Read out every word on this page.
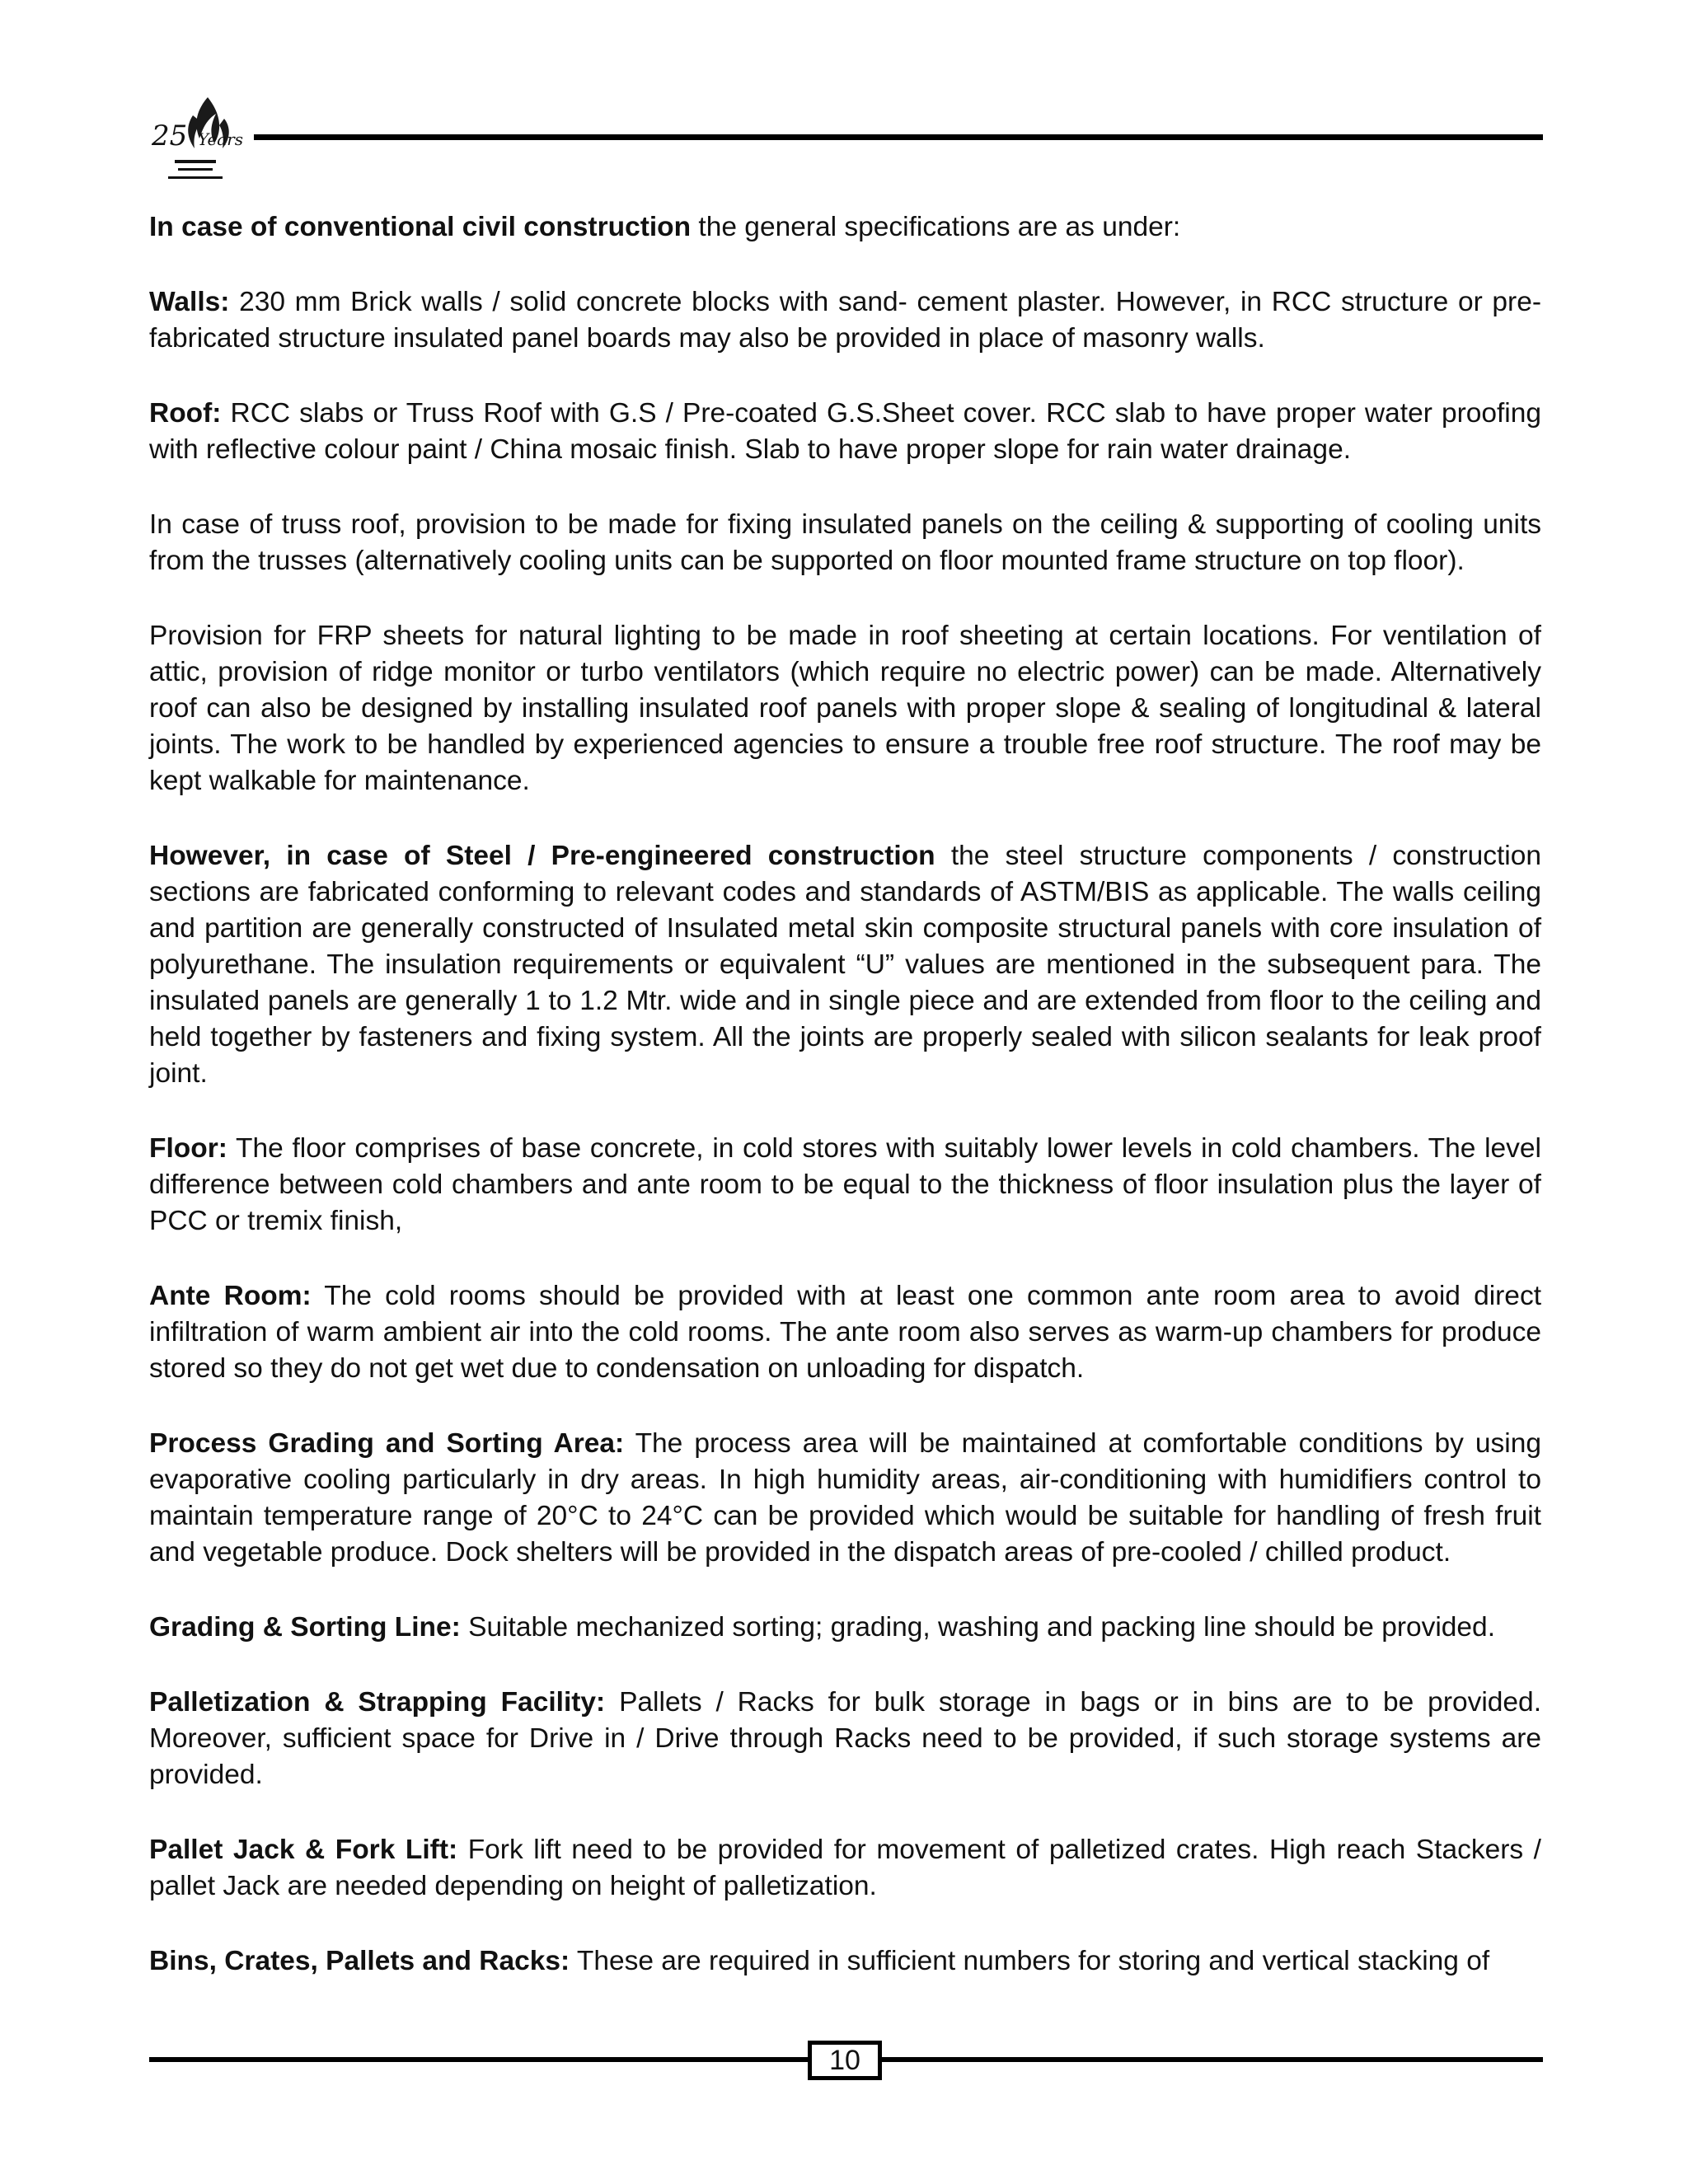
25 Years

In case of conventional civil construction the general specifications are as under:

Walls: 230 mm Brick walls / solid concrete blocks with sand- cement plaster. However, in RCC structure or pre-fabricated structure insulated panel boards may also be provided in place of masonry walls.

Roof: RCC slabs or Truss Roof with G.S / Pre-coated G.S.Sheet cover. RCC slab to have proper water proofing with reflective colour paint / China mosaic finish. Slab to have proper slope for rain water drainage.

In case of truss roof, provision to be made for fixing insulated panels on the ceiling & supporting of cooling units from the trusses (alternatively cooling units can be supported on floor mounted frame structure on top floor).

Provision for FRP sheets for natural lighting to be made in roof sheeting at certain locations. For ventilation of attic, provision of ridge monitor or turbo ventilators (which require no electric power) can be made. Alternatively roof can also be designed by installing insulated roof panels with proper slope & sealing of longitudinal & lateral joints. The work to be handled by experienced agencies to ensure a trouble free roof structure. The roof may be kept walkable for maintenance.

However, in case of Steel / Pre-engineered construction the steel structure components / construction sections are fabricated conforming to relevant codes and standards of ASTM/BIS as applicable. The walls ceiling and partition are generally constructed of Insulated metal skin composite structural panels with core insulation of polyurethane. The insulation requirements or equivalent “U” values are mentioned in the subsequent para. The insulated panels are generally 1 to 1.2 Mtr. wide and in single piece and are extended from floor to the ceiling and held together by fasteners and fixing system. All the joints are properly sealed with silicon sealants for leak proof joint.

Floor: The floor comprises of base concrete, in cold stores with suitably lower levels in cold chambers. The level difference between cold chambers and ante room to be equal to the thickness of floor insulation plus the layer of PCC or tremix finish,

Ante Room: The cold rooms should be provided with at least one common ante room area to avoid direct infiltration of warm ambient air into the cold rooms. The ante room also serves as warm-up chambers for produce stored so they do not get wet due to condensation on unloading for dispatch.

Process Grading and Sorting Area: The process area will be maintained at comfortable conditions by using evaporative cooling particularly in dry areas. In high humidity areas, air-conditioning with humidifiers control to maintain temperature range of 20°C to 24°C can be provided which would be suitable for handling of fresh fruit and vegetable produce. Dock shelters will be provided in the dispatch areas of pre-cooled / chilled product.

Grading & Sorting Line: Suitable mechanized sorting; grading, washing and packing line should be provided.

Palletization & Strapping Facility: Pallets / Racks for bulk storage in bags or in bins are to be provided. Moreover, sufficient space for Drive in / Drive through Racks need to be provided, if such storage systems are provided.

Pallet Jack & Fork Lift: Fork lift need to be provided for movement of palletized crates. High reach Stackers / pallet Jack are needed depending on height of palletization.

Bins, Crates, Pallets and Racks: These are required in sufficient numbers for storing and vertical stacking of

10
